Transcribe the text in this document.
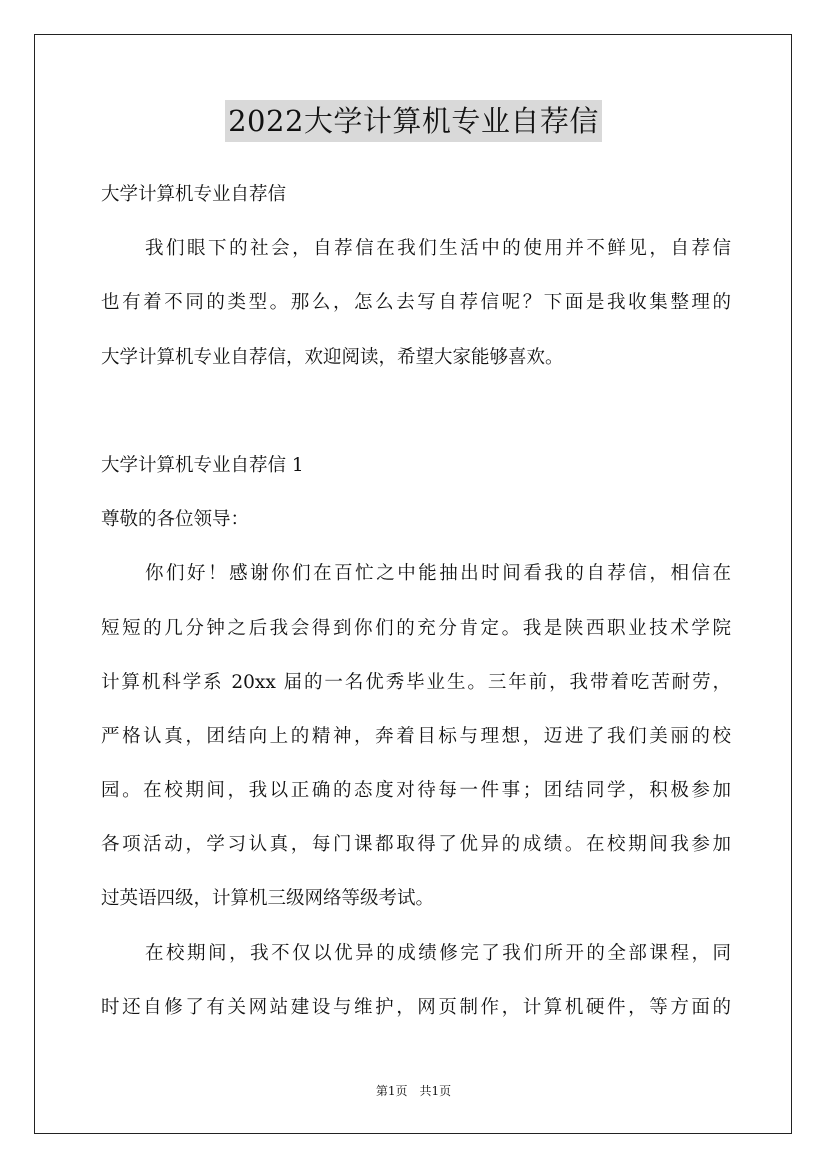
2022大学计算机专业自荐信
大学计算机专业自荐信
我们眼下的社会，自荐信在我们生活中的使用并不鲜见，自荐信
也有着不同的类型。那么，怎么去写自荐信呢？下面是我收集整理的
大学计算机专业自荐信，欢迎阅读，希望大家能够喜欢。
大学计算机专业自荐信 1
尊敬的各位领导：
你们好！感谢你们在百忙之中能抽出时间看我的自荐信，相信在
短短的几分钟之后我会得到你们的充分肯定。我是陕西职业技术学院
计算机科学系 20xx 届的一名优秀毕业生。三年前，我带着吃苦耐劳，
严格认真，团结向上的精神，奔着目标与理想，迈进了我们美丽的校
园。在校期间，我以正确的态度对待每一件事；团结同学，积极参加
各项活动，学习认真，每门课都取得了优异的成绩。在校期间我参加
过英语四级，计算机三级网络等级考试。
在校期间，我不仅以优异的成绩修完了我们所开的全部课程，同
时还自修了有关网站建设与维护，网页制作，计算机硬件，等方面的
第1页 共1页
